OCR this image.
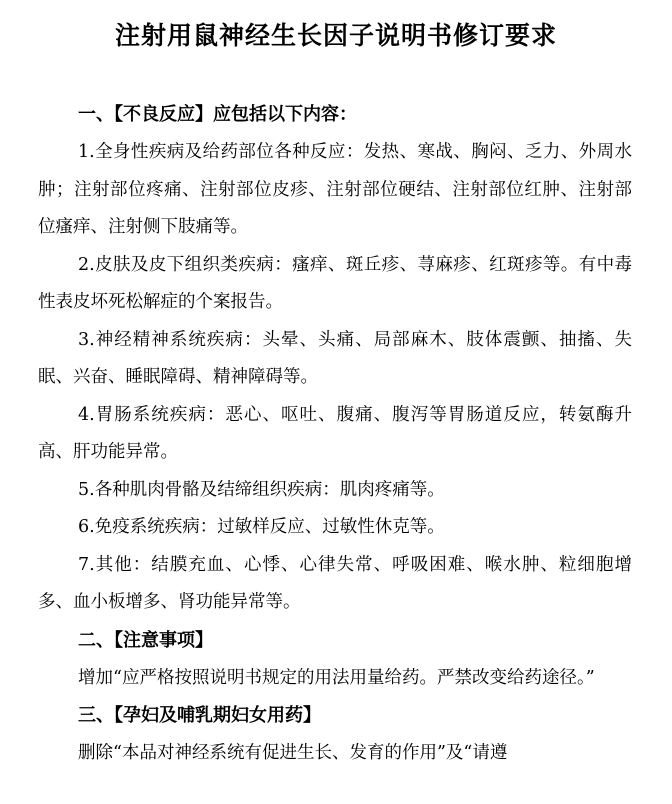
注射用鼠神经生长因子说明书修订要求
一、【不良反应】应包括以下内容：

1.全身性疾病及给药部位各种反应：发热、寒战、胸闷、乏力、外周水肿；注射部位疼痛、注射部位皮疹、注射部位硬结、注射部位红肿、注射部位瘙痒、注射侧下肢痛等。

2.皮肤及皮下组织类疾病：瘙痒、斑丘疹、荨麻疹、红斑疹等。有中毒性表皮坏死松解症的个案报告。

3.神经精神系统疾病：头晕、头痛、局部麻木、肢体震颤、抽搐、失眠、兴奋、睡眠障碍、精神障碍等。

4.胃肠系统疾病：恶心、呕吐、腹痛、腹泻等胃肠道反应，转氨酶升高、肝功能异常。

5.各种肌肉骨骼及结缔组织疾病：肌肉疼痛等。

6.免疫系统疾病：过敏样反应、过敏性休克等。

7.其他：结膜充血、心悸、心律失常、呼吸困难、喉水肿、粒细胞增多、血小板增多、肾功能异常等。

二、【注意事项】

增加“应严格按照说明书规定的用法用量给药。严禁改变给药途径。”

三、【孕妇及哺乳期妇女用药】

删除“本品对神经系统有促进生长、发育的作用”及“请遵
